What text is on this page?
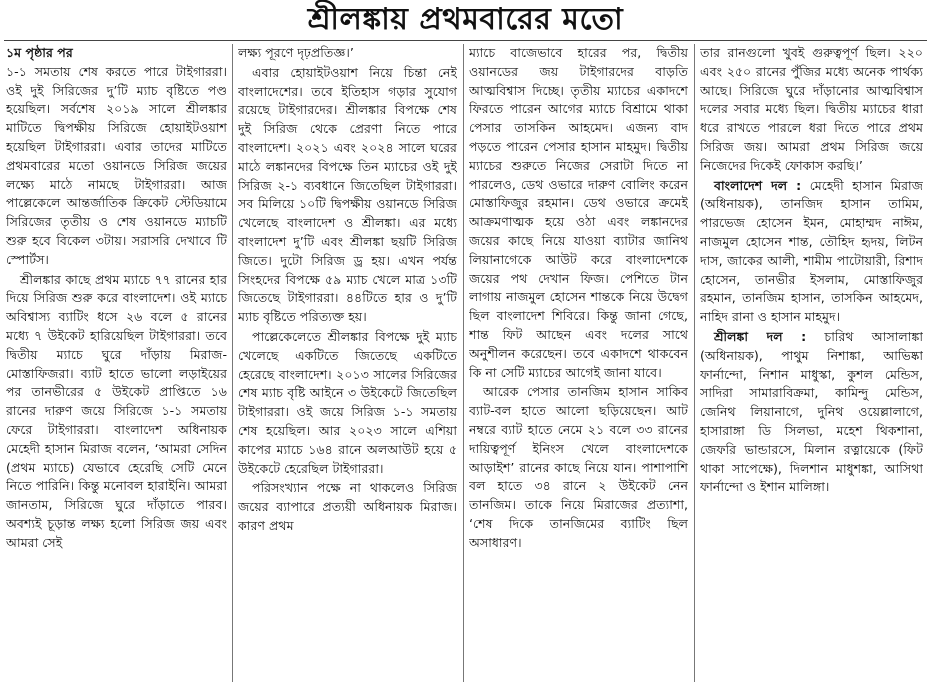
শ্রীলঙ্কায় প্রথমবারের মতো

১ম পৃষ্ঠার পর
১-১ সমতায় শেষ করতে পারে টাইগাররা। ওই দুই সিরিজের দু’টি ম্যাচ বৃষ্টিতে পণ্ড হয়েছিল। সর্বশেষ ২০১৯ সালে শ্রীলঙ্কার মাটিতে দ্বিপক্ষীয় সিরিজে হোয়াইটওয়াশ হয়েছিল টাইগাররা। এবার তাদের মাটিতে প্রথমবারের মতো ওয়ানডে সিরিজ জয়ের লক্ষ্যে মাঠে নামছে টাইগাররা। আজ পাল্লেকেলে আন্তর্জাতিক ক্রিকেট স্টেডিয়ামে সিরিজের তৃতীয় ও শেষ ওয়ানডে ম্যাচটি শুরু হবে বিকেল ৩টায়। সরাসরি দেখাবে টি স্পোর্টস।

শ্রীলঙ্কার কাছে প্রথম ম্যাচে ৭৭ রানের হার দিয়ে সিরিজ শুরু করে বাংলাদেশ। ওই ম্যাচে অবিশ্বাস্য ব্যাটিং ধসে ২৬ বলে ৫ রানের মধ্যে ৭ উইকেট হারিয়েছিল টাইগাররা। তবে দ্বিতীয় ম্যাচে ঘুরে দাঁড়ায় মিরাজ-মোস্তাফিজরা। ব্যাট হাতে ভালো লড়াইয়ের পর তানভীরের ৫ উইকেট প্রাপ্তিতে ১৬ রানের দারুণ জয়ে সিরিজে ১-১ সমতায় ফেরে টাইগাররা। বাংলাদেশ অধিনায়ক মেহেদী হাসান মিরাজ বলেন, ‘আমরা সেদিন (প্রথম ম্যাচে) যেভাবে হেরেছি সেটি মেনে নিতে পারিনি। কিন্তু মনোবল হারাইনি। আমরা জানতাম, সিরিজে ঘুরে দাঁড়াতে পারব। অবশ্যই চূড়ান্ত লক্ষ্য হলো সিরিজ জয় এবং আমরা সেই

লক্ষ্য পূরণে দৃঢ়প্রতিজ্ঞ।’

এবার হোয়াইটওয়াশ নিয়ে চিন্তা নেই বাংলাদেশের। তবে ইতিহাস গড়ার সুযোগ রয়েছে টাইগারদের। শ্রীলঙ্কার বিপক্ষে শেষ দুই সিরিজ থেকে প্রেরণা নিতে পারে বাংলাদেশ। ২০২১ এবং ২০২৪ সালে ঘরের মাঠে লঙ্কানদের বিপক্ষে তিন ম্যাচের ওই দুই সিরিজ ২-১ ব্যবধানে জিতেছিল টাইগাররা। সব মিলিয়ে ১০টি দ্বিপক্ষীয় ওয়ানডে সিরিজ খেলেছে বাংলাদেশ ও শ্রীলঙ্কা। এর মধ্যে বাংলাদেশ দু’টি এবং শ্রীলঙ্কা ছয়টি সিরিজ জিতে। দুটো সিরিজ ড্র হয়। এখন পর্যন্ত সিংহদের বিপক্ষে ৫৯ ম্যাচ খেলে মাত্র ১৩টি জিতেছে টাইগাররা। ৪৪টিতে হার ও দু’টি ম্যাচ বৃষ্টিতে পরিত্যক্ত হয়।

পাল্লেকেলেতে শ্রীলঙ্কার বিপক্ষে দুই ম্যাচ খেলেছে একটিতে জিতেছে একটিতে হেরেছে বাংলাদেশ। ২০১৩ সালের সিরিজের শেষ ম্যাচ বৃষ্টি আইনে ৩ উইকেটে জিতেছিল টাইগাররা। ওই জয়ে সিরিজ ১-১ সমতায় শেষ হয়েছিল। আর ২০২৩ সালে এশিয়া কাপের ম্যাচে ১৬৪ রানে অলআউট হয়ে ৫ উইকেটে হেরেছিল টাইগাররা।

পরিসংখ্যান পক্ষে না থাকলেও সিরিজ জয়ের ব্যাপারে প্রত্যয়ী অধিনায়ক মিরাজ। কারণ প্রথম

ম্যাচে বাজেভাবে হারের পর, দ্বিতীয় ওয়ানডের জয় টাইগারদের বাড়তি আত্মবিশ্বাস দিচ্ছে। তৃতীয় ম্যাচের একাদশে ফিরতে পারেন আগের ম্যাচে বিশ্রামে থাকা পেসার তাসকিন আহমেদ। এজন্য বাদ পড়তে পারেন পেসার হাসান মাহমুদ। দ্বিতীয় ম্যাচের শুরুতে নিজের সেরাটা দিতে না পারলেও, ডেথ ওভারে দারুণ বোলিং করেন মোস্তাফিজুর রহমান। ডেথ ওভারে ক্রমেই আক্রমণাত্মক হয়ে ওঠা এবং লঙ্কানদের জয়ের কাছে নিয়ে যাওয়া ব্যাটার জানিথ লিয়ানাগেকে আউট করে বাংলাদেশকে জয়ের পথ দেখান ফিজ। পেশিতে টান লাগায় নাজমুল হোসেন শান্তকে নিয়ে উদ্বেগ ছিল বাংলাদেশ শিবিরে। কিন্তু জানা গেছে, শান্ত ফিট আছেন এবং দলের সাথে অনুশীলন করেছেন। তবে একাদশে থাকবেন কি না সেটি ম্যাচের আগেই জানা যাবে।

আরেক পেসার তানজিম হাসান সাকিব ব্যাট-বল হাতে আলো ছড়িয়েছেন। আট নম্বরে ব্যাট হাতে নেমে ২১ বলে ৩৩ রানের দায়িত্বপূর্ণ ইনিংস খেলে বাংলাদেশকে আড়াইশ’ রানের কাছে নিয়ে যান। পাশাপাশি বল হাতে ৩৪ রানে ২ উইকেট নেন তানজিম। তাকে নিয়ে মিরাজের প্রত্যাশা, ‘শেষ দিকে তানজিমের ব্যাটিং ছিল অসাধারণ।

তার রানগুলো খুবই গুরুত্বপূর্ণ ছিল। ২২০ এবং ২৫০ রানের পুঁজির মধ্যে অনেক পার্থক্য আছে। সিরিজে ঘুরে দাঁড়ানোর আত্মবিশ্বাস দলের সবার মধ্যে ছিল। দ্বিতীয় ম্যাচের ধারা ধরে রাখতে পারলে ধরা দিতে পারে প্রথম সিরিজ জয়। আমরা প্রথম সিরিজ জয়ে নিজেদের দিকেই ফোকাস করছি।’

বাংলাদেশ দল : মেহেদী হাসান মিরাজ (অধিনায়ক), তানজিদ হাসান তামিম, পারভেজ হোসেন ইমন, মোহাম্মদ নাঈম, নাজমুল হোসেন শান্ত, তৌহিদ হৃদয়, লিটন দাস, জাকের আলী, শামীম পাটোয়ারী, রিশাদ হোসেন, তানভীর ইসলাম, মোস্তাফিজুর রহমান, তানজিম হাসান, তাসকিন আহমেদ, নাহিদ রানা ও হাসান মাহমুদ।

শ্রীলঙ্কা দল : চারিথ আসালাঙ্কা (অধিনায়ক), পাথুম নিশাঙ্কা, আভিষ্কা ফার্নান্দো, নিশান মাধুস্কা, কুশল মেন্ডিস, সাদিরা সামারাবিক্রমা, কামিন্দু মেন্ডিস, জেনিথ লিয়ানাগে, দুনিথ ওয়েল্লালাগে, হাসারাঙ্গা ডি সিলভা, মহেশ থিকশানা, জেফরি ভান্ডারসে, মিলান রত্নায়েকে (ফিট থাকা সাপেক্ষে), দিলশান মাধুশঙ্কা, আসিথা ফার্নান্দো ও ইশান মালিঙ্গা।
